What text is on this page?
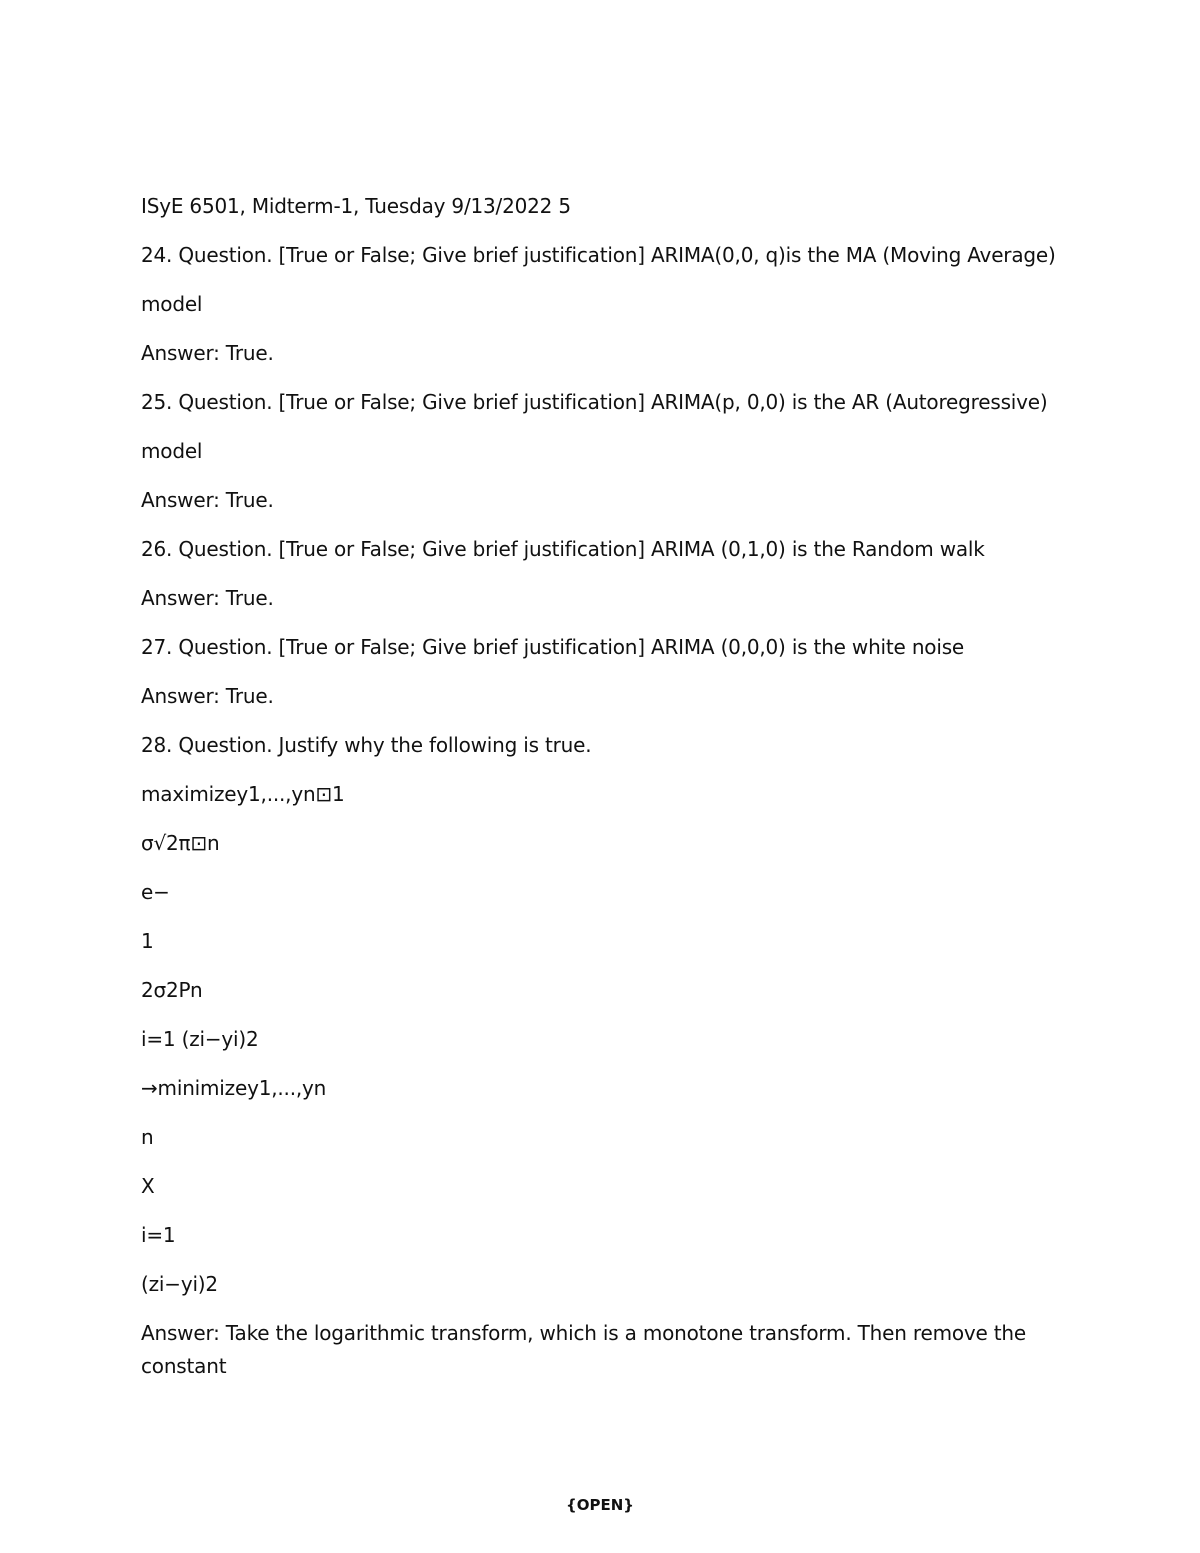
ISyE 6501, Midterm-1, Tuesday 9/13/2022 5

24. Question. [True or False; Give brief justification] ARIMA(0,0, q)is the MA (Moving Average)

model

Answer: True.

25. Question. [True or False; Give brief justification] ARIMA(p, 0,0) is the AR (Autoregressive)

model

Answer: True.

26. Question. [True or False; Give brief justification] ARIMA (0,1,0) is the Random walk

Answer: True.

27. Question. [True or False; Give brief justification] ARIMA (0,0,0) is the white noise

Answer: True.

28. Question. Justify why the following is true.

maximizey1,...,yn⊡1

σ√2π⊡n

e−

1

2σ2Pn

i=1 (zi−yi)2

→minimizey1,...,yn

n

X

i=1

(zi−yi)2

Answer: Take the logarithmic transform, which is a monotone transform. Then remove the constant

{OPEN}
